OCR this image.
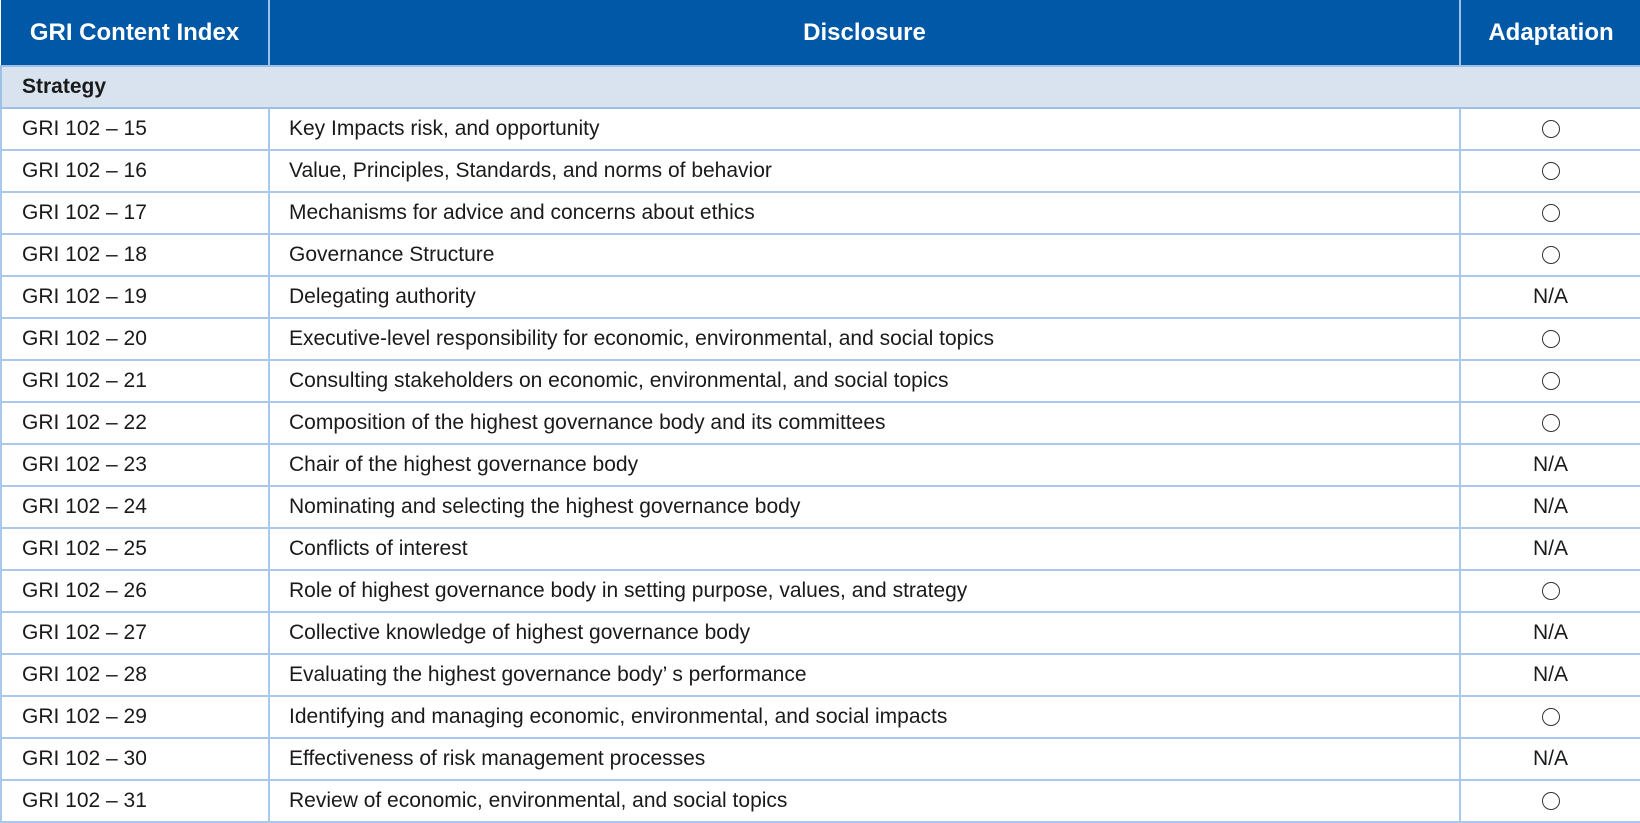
GRI Content Index	Disclosure	Adaptation
Strategy		
GRI 102 – 15	Key Impacts risk, and opportunity	
GRI 102 – 16	Value, Principles, Standards, and norms of behavior	
GRI 102 – 17	Mechanisms for advice and concerns about ethics	
GRI 102 – 18	Governance Structure	
GRI 102 – 19	Delegating authority	N/A
GRI 102 – 20	Executive-level responsibility for economic, environmental, and social topics	
GRI 102 – 21	Consulting stakeholders on economic, environmental, and social topics	
GRI 102 – 22	Composition of the highest governance body and its committees	
GRI 102 – 23	Chair of the highest governance body	N/A
GRI 102 – 24	Nominating and selecting the highest governance body	N/A
GRI 102 – 25	Conflicts of interest	N/A
GRI 102 – 26	Role of highest governance body in setting purpose, values, and strategy	
GRI 102 – 27	Collective knowledge of highest governance body	N/A
GRI 102 – 28	Evaluating the highest governance body’ s performance	N/A
GRI 102 – 29	Identifying and managing economic, environmental, and social impacts	
GRI 102 – 30	Effectiveness of risk management processes	N/A
GRI 102 – 31	Review of economic, environmental, and social topics	
